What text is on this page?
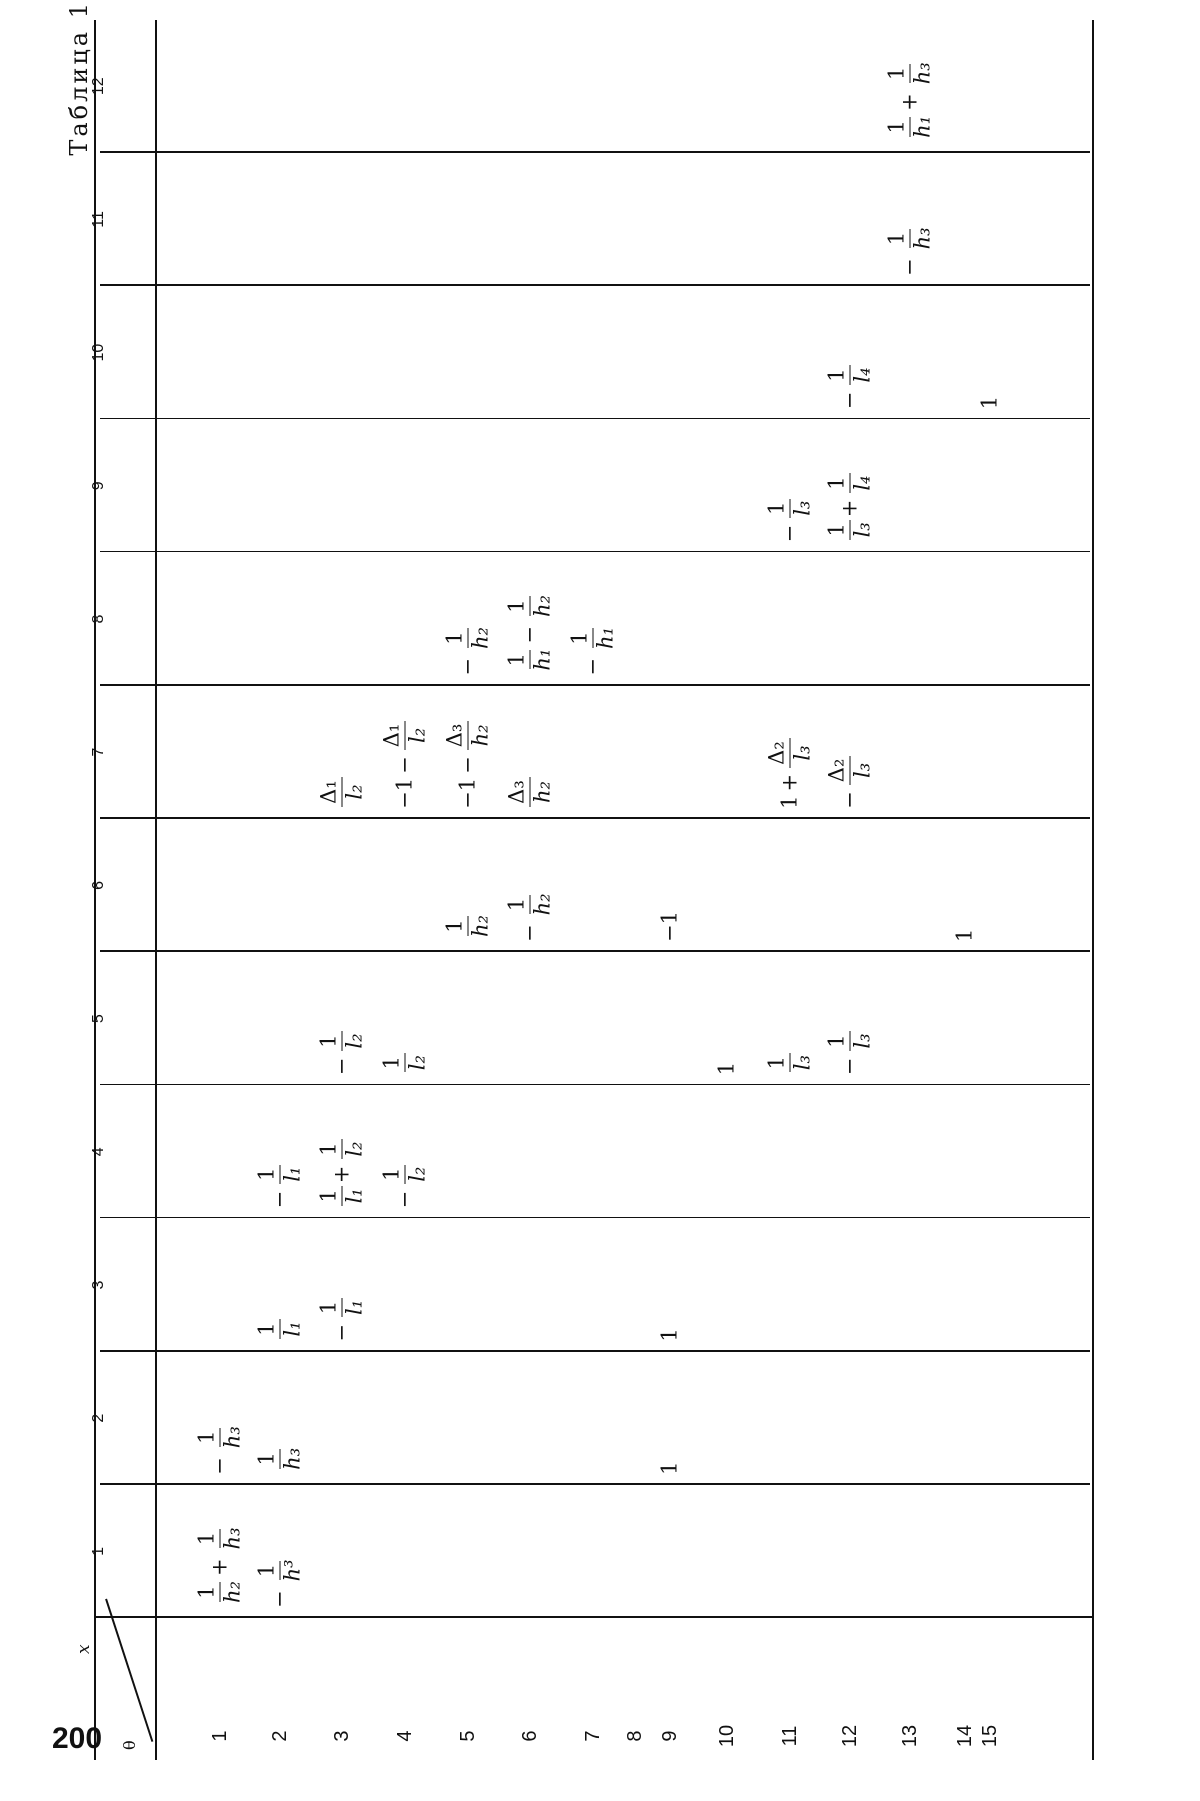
Таблица 1
x
θ
1
2
3
4
5
6
7
8
9
10
11
12
1 2 3 4 5 6 7 8 9 10 11 12 13 14 15
1 h₂
+
1 h₃
−
1 h₃
−
1 h³
1 h₃
1 l₁
−
1 l₁
−
1 l₁
1 l₁
+
1 l₂
−
1 l₂
Δ₁ l₂
−
1 l₂
1 l₂
−1
−
Δ₁ l₂
1 h₂
−1
−
Δ₃ h₂
−
1 h₂
−
1 h₂
Δ₃ h₂
1 h₁
−
1 h₂
−
1 h₁
1
1
−1
1 1 l₃
1
+
Δ₂ l₃
−
1 l₃
−
1 l₃
−
Δ₂ l₃
1 l₃
+
1 l₄
−
1 l₄
−
1 h₃
1 h₁
+
1 h₃
1
1
200
